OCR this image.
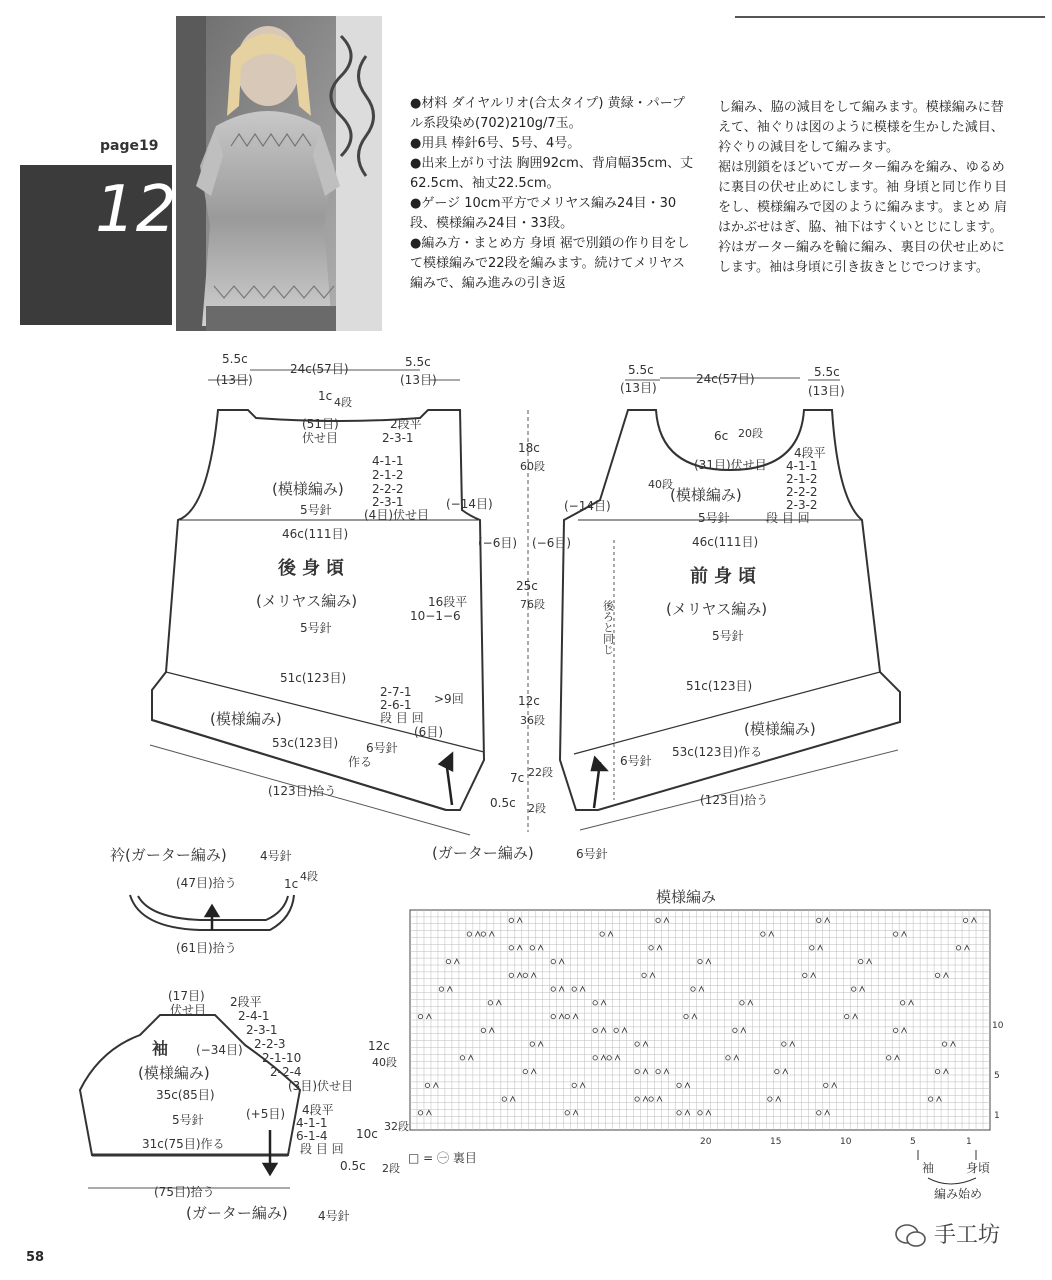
page19
12
●材料 ダイヤルリオ(合太タイプ) 黄緑・パープル系段染め(702)210g/7玉。
●用具 棒針6号、5号、4号。
●出来上がり寸法 胸囲92cm、背肩幅35cm、丈62.5cm、袖丈22.5cm。
●ゲージ 10cm平方でメリヤス編み24目・30段、模様編み24目・33段。
●編み方・まとめ方 身頃 裾で別鎖の作り目をして模様編みで22段を編みます。続けてメリヤス編みで、編み進みの引き返
し編み、脇の減目をして編みます。模様編みに替えて、袖ぐりは図のように模様を生かした減目、衿ぐりの減目をして編みます。
裾は別鎖をほどいてガーター編みを編み、ゆるめに裏目の伏せ止めにします。袖 身頃と同じ作り目をし、模様編みで図のように編みます。まとめ 肩はかぶせはぎ、脇、袖下はすくいとじにします。衿はガーター編みを輪に編み、裏目の伏せ止めにします。袖は身頃に引き抜きとじでつけます。
5.5c
(13目)
24c(57目)	5.5c
(13目)
1c 4段
(51目)
伏せ目
2段平
2-3-1
4-1-1
2-1-2
2-2-2
2-3-1
(4目)伏せ目
(模様編み)
5号針	(−14目)
46c(111目)
(−6目)
後身頃
(メリヤス編み)
5号針
16段平
10−1−6
51c(123目)
2-7-1
2-6-1 >9回
段 目 回
(6目)
(模様編み)
53c(123目) 6号針
作る
(123目)拾う
5.5c
(13目)
24c(57目)	5.5c
(13目)
6c 20段
(31目)伏せ目
4段平
4-1-1
2-1-2
2-2-2
2-3-2
段 目 回
40段
(模様編み)
5号針
(−14目)
46c(111目)
(−6目)
後ろと同じ
前身頃
(メリヤス編み)
5号針
51c(123目)
(模様編み)
6号針
53c(123目)作る
(123目)拾う
18c
60段
25c
76段
12c
36段
7c 22段
0.5c 2段
(ガーター編み)	6号針
衿(ガーター編み)	4号針
(47目)拾う
(61目)拾う
1c
4段
(17目)
伏せ目
2段平
2-4-1
2-3-1
2-2-3
2-1-10
2-2-4
(3目)伏せ目
(−34目)
袖
(模様編み)
35c(85目)
5号針	(+5目) 4段平
4-1-1
6-1-4
段 目 回
31c(75目)作る
(75目)拾う
(ガーター編み)	4号針
12c
40段
10c
32段
0.5c 2段
模様編み
□ = ㊀ 裏目
20	15	10	5	1
10
5
1
袖	身頃
編み始め
58
手工坊
